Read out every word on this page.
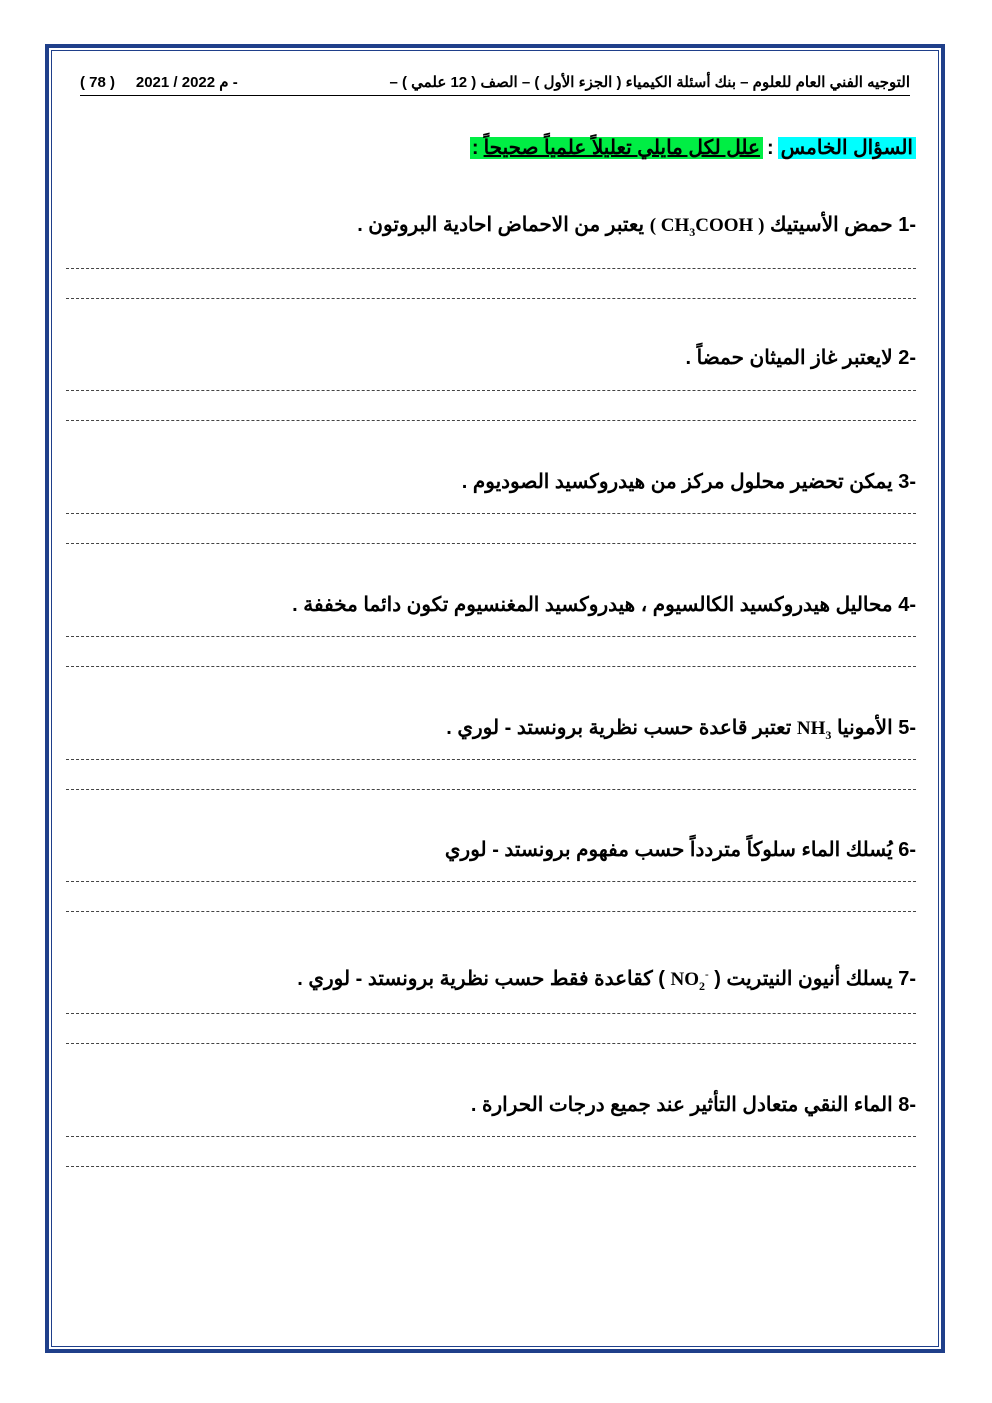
التوجيه الفني العام للعلوم – بنك أسئلة الكيمياء ( الجزء الأول ) – الصف ( 12 علمي ) –
( 78 ) 2021 / 2022 م -
السؤال الخامس:علل لكل مايلي تعليلاً علمياً صحيحاً:
-1 حمض الأسيتيك ( $CH_3COOH$ ) يعتبر من الاحماض احادية البروتون .
-2 لايعتبر غاز الميثان حمضاً .
-3 يمكن تحضير محلول مركز من هيدروكسيد الصوديوم .
-4 محاليل هيدروكسيد الكالسيوم ، هيدروكسيد المغنسيوم تكون دائما مخففة .
-5 الأمونيا $NH_3$ تعتبر قاعدة حسب نظرية برونستد - لوري .
-6 يُسلك الماء سلوكاً متردداً حسب مفهوم برونستد - لوري
-7 يسلك أنيون النيتريت ( $NO_2^-$ ) كقاعدة فقط حسب نظرية برونستد - لوري .
-8 الماء النقي متعادل التأثير عند جميع درجات الحرارة .
